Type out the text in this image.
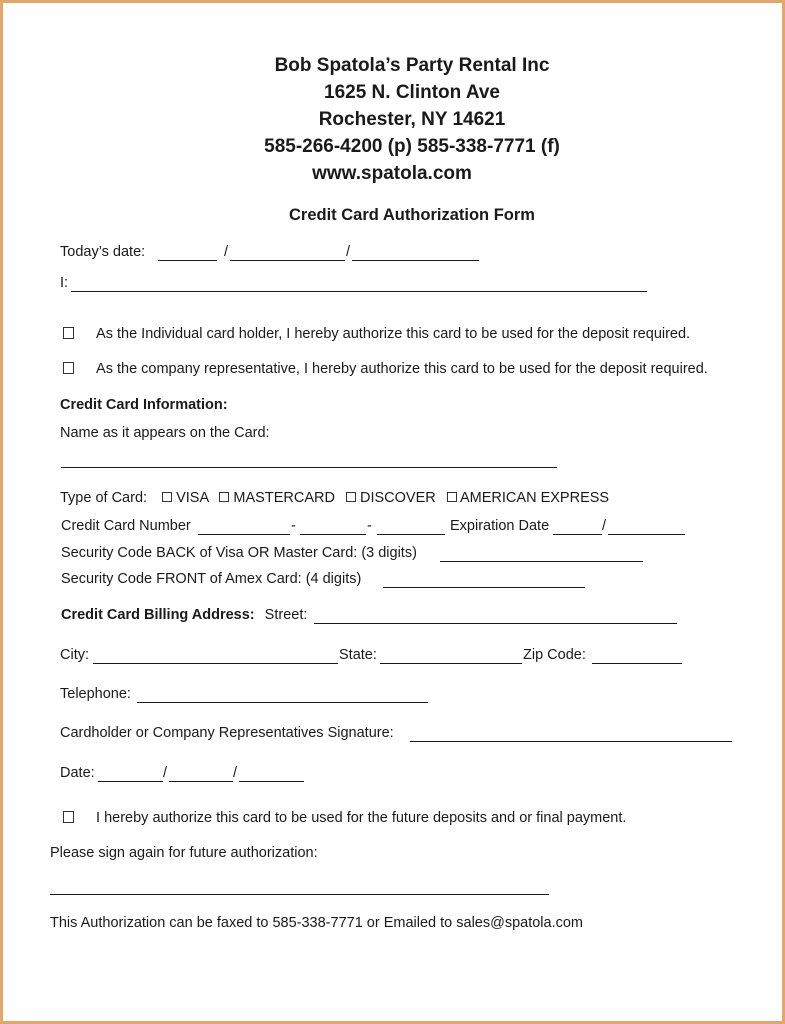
Bob Spatola’s Party Rental Inc
1625 N. Clinton Ave
Rochester, NY 14621
585-266-4200 (p) 585-338-7771 (f)
www.spatola.com
Credit Card Authorization Form
Today’s date:	/	/
I:
As the Individual card holder, I hereby authorize this card to be used for the deposit required.
As the company representative, I hereby authorize this card to be used for the deposit required.
Credit Card Information:
Name as it appears on the Card:
Type of Card: VISA MASTERCARD DISCOVER AMERICAN EXPRESS
Credit Card Number	-	-	Expiration Date	/
Security Code BACK of Visa OR Master Card: (3 digits)
Security Code FRONT of Amex Card: (4 digits)
Credit Card Billing Address: Street:
City:	State:	Zip Code:
Telephone:
Cardholder or Company Representatives Signature:
Date:	/	/
I hereby authorize this card to be used for the future deposits and or final payment.
Please sign again for future authorization:
This Authorization can be faxed to 585-338-7771 or Emailed to sales@spatola.com
